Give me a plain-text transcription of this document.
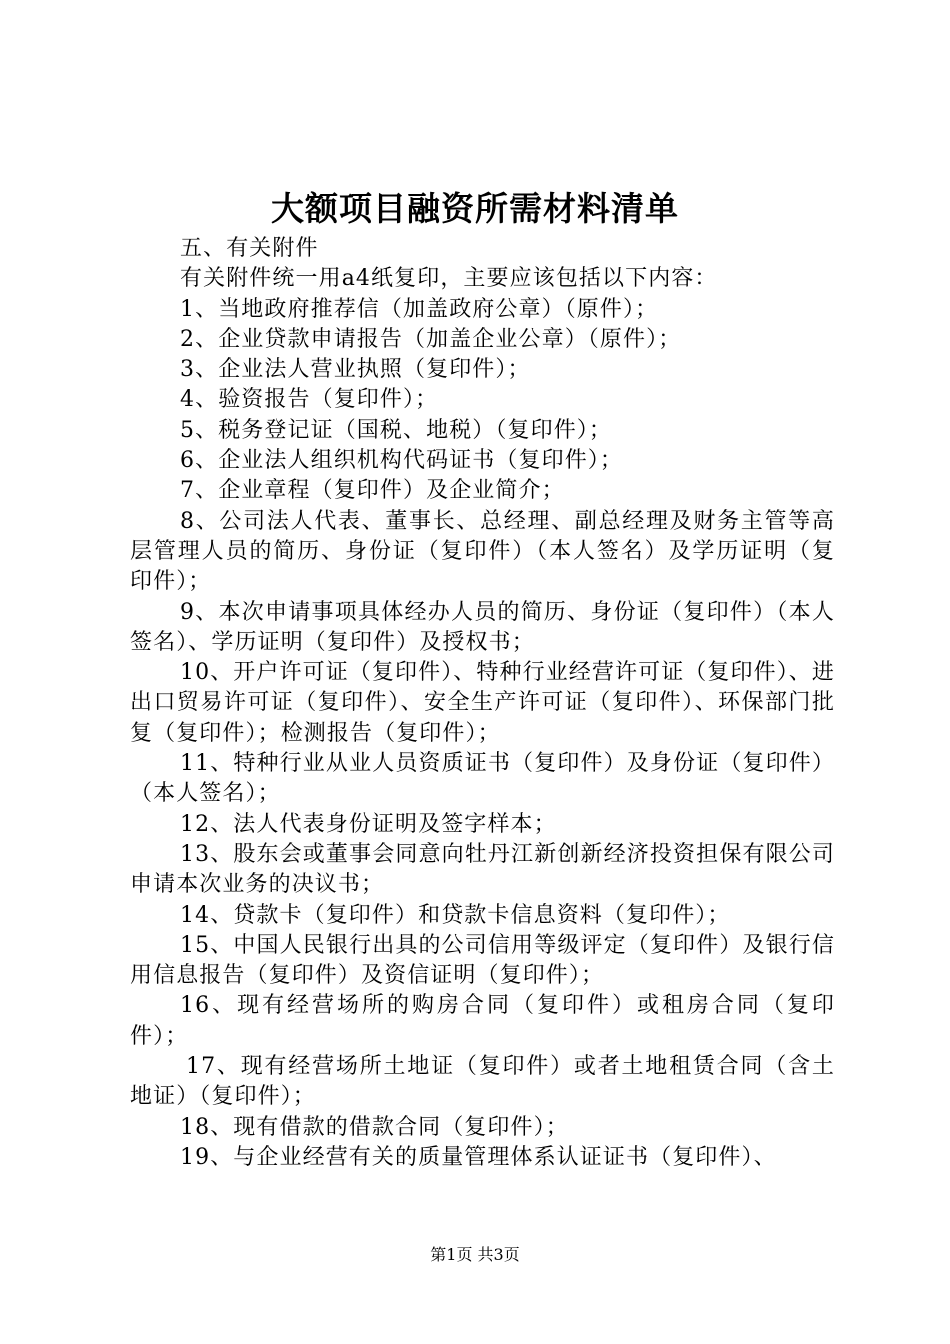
大额项目融资所需材料清单

五、有关附件

有关附件统一用a4纸复印，主要应该包括以下内容：

1、当地政府推荐信（加盖政府公章）（原件）；

2、企业贷款申请报告（加盖企业公章）（原件）；

3、企业法人营业执照（复印件）；

4、验资报告（复印件）；

5、税务登记证（国税、地税）（复印件）；

6、企业法人组织机构代码证书（复印件）；

7、企业章程（复印件）及企业简介；

8、公司法人代表、董事长、总经理、副总经理及财务主管等高层管理人员的简历、身份证（复印件）（本人签名）及学历证明（复印件）；

9、本次申请事项具体经办人员的简历、身份证（复印件）（本人签名）、学历证明（复印件）及授权书；

10、开户许可证（复印件）、特种行业经营许可证（复印件）、进出口贸易许可证（复印件）、安全生产许可证（复印件）、环保部门批复（复印件）；检测报告（复印件）；

11、特种行业从业人员资质证书（复印件）及身份证（复印件）（本人签名）；

12、法人代表身份证明及签字样本；

13、股东会或董事会同意向牡丹江新创新经济投资担保有限公司申请本次业务的决议书；

14、贷款卡（复印件）和贷款卡信息资料（复印件）；

15、中国人民银行出具的公司信用等级评定（复印件）及银行信用信息报告（复印件）及资信证明（复印件）；

16、现有经营场所的购房合同（复印件）或租房合同（复印件）；

17、现有经营场所土地证（复印件）或者土地租赁合同（含土地证）（复印件）；

18、现有借款的借款合同（复印件）；

19、与企业经营有关的质量管理体系认证证书（复印件）、

第1页 共3页
